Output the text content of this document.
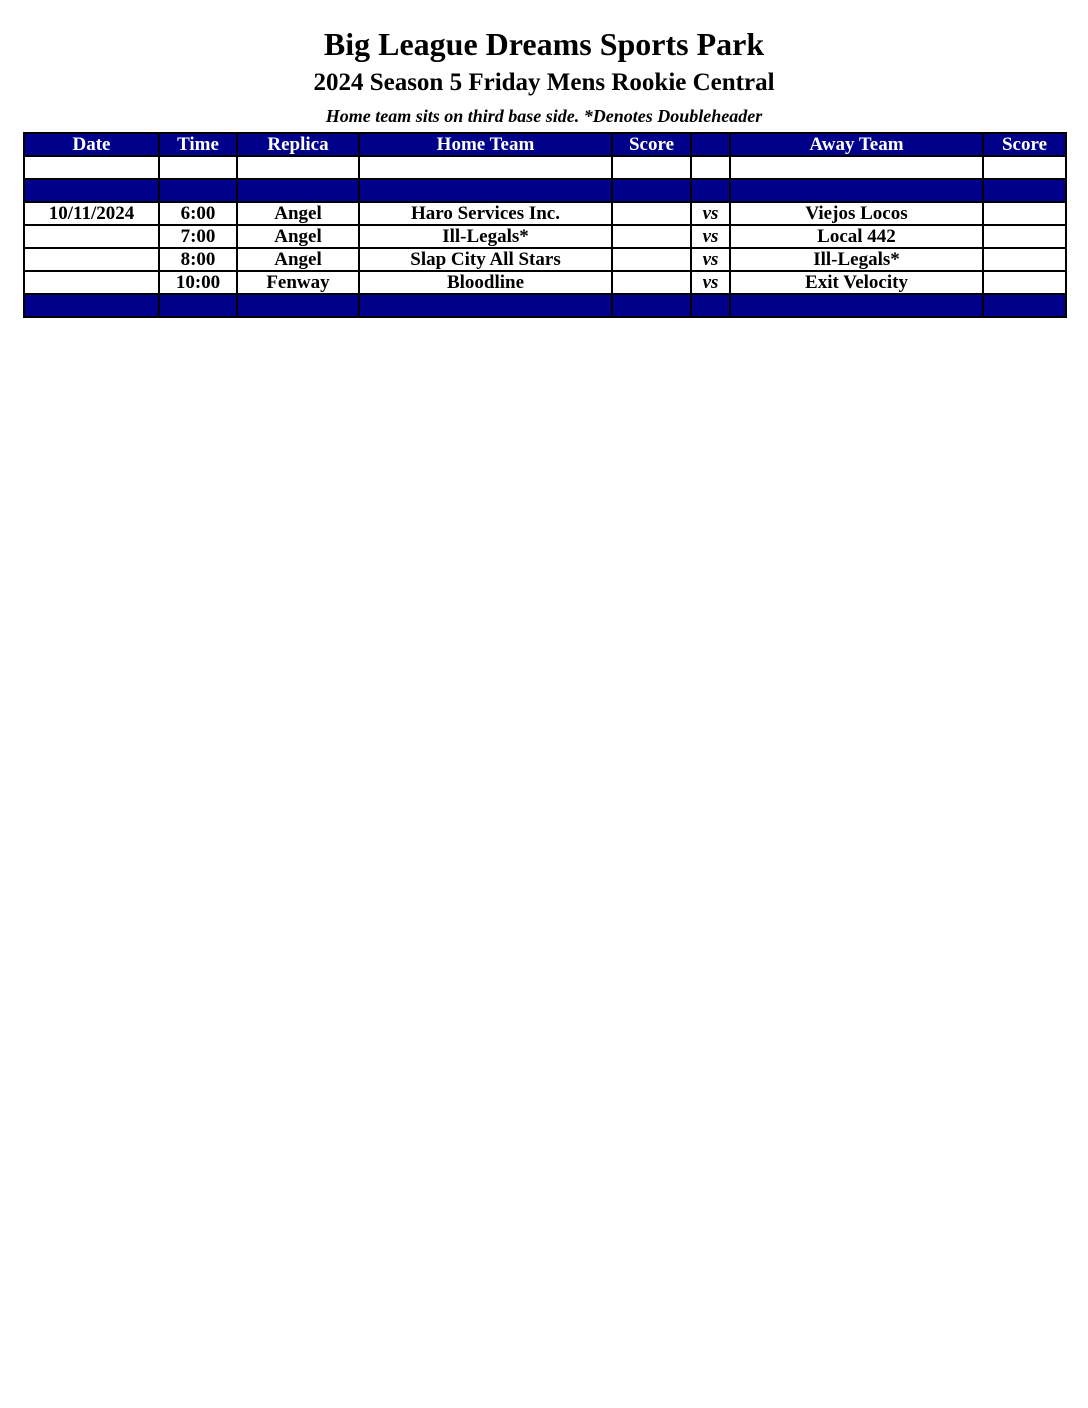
Big League Dreams Sports Park
2024 Season 5 Friday Mens Rookie Central
Home team sits on third base side. *Denotes Doubleheader
Date	Time	Replica	Home Team	Score		Away Team	Score

10/11/2024	6:00	Angel	Haro Services Inc.		vs	Viejos Locos	
	7:00	Angel	Ill-Legals*		vs	Local 442	
	8:00	Angel	Slap City All Stars		vs	Ill-Legals*	
	10:00	Fenway	Bloodline		vs	Exit Velocity	
